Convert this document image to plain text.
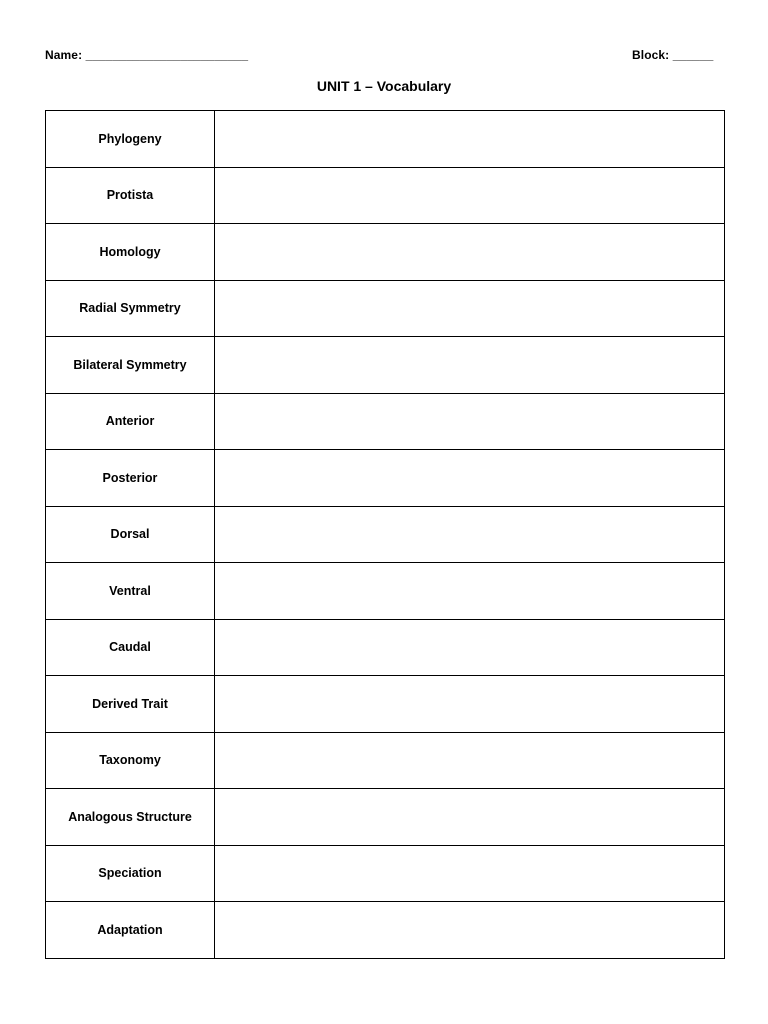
Name: ________________________	Block: ______
UNIT 1 – Vocabulary
Phylogeny	
Protista	
Homology	
Radial Symmetry	
Bilateral Symmetry	
Anterior	
Posterior	
Dorsal	
Ventral	
Caudal	
Derived Trait	
Taxonomy	
Analogous Structure	
Speciation	
Adaptation	
